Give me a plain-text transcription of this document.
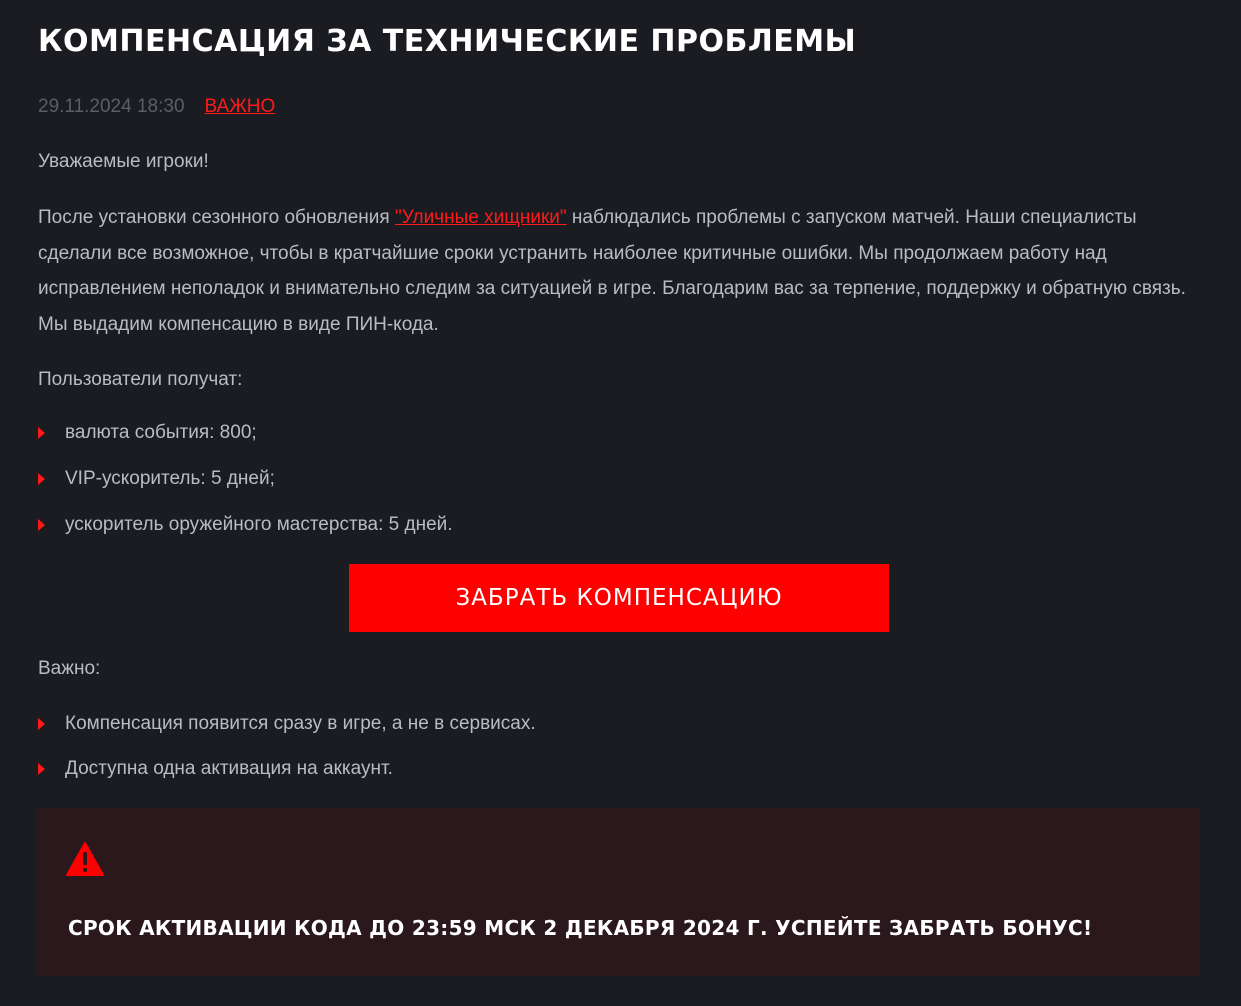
КОМПЕНСАЦИЯ ЗА ТЕХНИЧЕСКИЕ ПРОБЛЕМЫ
29.11.2024 18:30 ВАЖНО

Уважаемые игроки!

После установки сезонного обновления "Уличные хищники" наблюдались проблемы с запуском матчей. Наши специалисты сделали все возможное, чтобы в кратчайшие сроки устранить наиболее критичные ошибки. Мы продолжаем работу над исправлением неполадок и внимательно следим за ситуацией в игре. Благодарим вас за терпение, поддержку и обратную связь. Мы выдадим компенсацию в виде ПИН-кода.

Пользователи получат:

валюта события: 800;
VIP-ускоритель: 5 дней;
ускоритель оружейного мастерства: 5 дней.
ЗАБРАТЬ КОМПЕНСАЦИЮ

Важно:

Компенсация появится сразу в игре, а не в сервисах.
Доступна одна активация на аккаунт.
СРОК АКТИВАЦИИ КОДА ДО 23:59 МСК 2 ДЕКАБРЯ 2024 Г. УСПЕЙТЕ ЗАБРАТЬ БОНУС!
